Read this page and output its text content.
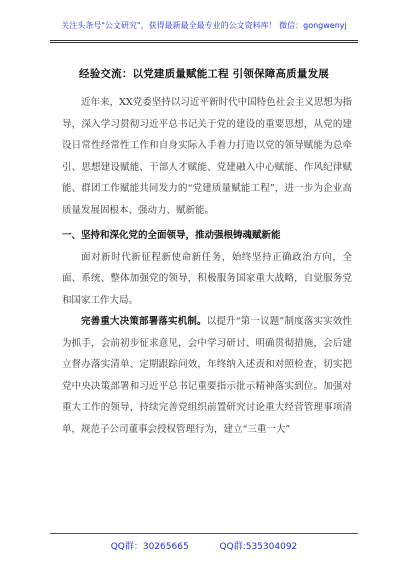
关注头条号"公文研究"，获得最新最全最专业的公文资料库！ 微信：gongwenyj
经验交流：以党建质量赋能工程 引领保障高质量发展

近年来，XX党委坚持以习近平新时代中国特色社会主义思想为指导，深入学习贯彻习近平总书记关于党的建设的重要思想，从党的建设日常性经常性工作和自身实际入手着力打造以党的领导赋能为总牵引、思想建设赋能、干部人才赋能、党建融入中心赋能、作风纪律赋能、群团工作赋能共同发力的“党建质量赋能工程”，进一步为企业高质量发展固根本、强动力、赋新能。

一、坚持和深化党的全面领导，推动强根铸魂赋新能

面对新时代新征程新使命新任务，始终坚持正确政治方向，全面、系统、整体加强党的领导，积极服务国家重大战略，自觉服务党和国家工作大局。

完善重大决策部署落实机制。以提升“第一议题”制度落实实效性为抓手，会前初步征求意见，会中学习研讨、明确贯彻措施，会后建立督办落实清单、定期跟踪问效，年终纳入述责和对照检查，切实把党中央决策部署和习近平总书记重要指示批示精神落实到位。加强对重大工作的领导，持续完善党组织前置研究讨论重大经营管理事项清单，规范子公司董事会授权管理行为，建立“三重一大”

QQ群：30265665	QQ群:535304092
